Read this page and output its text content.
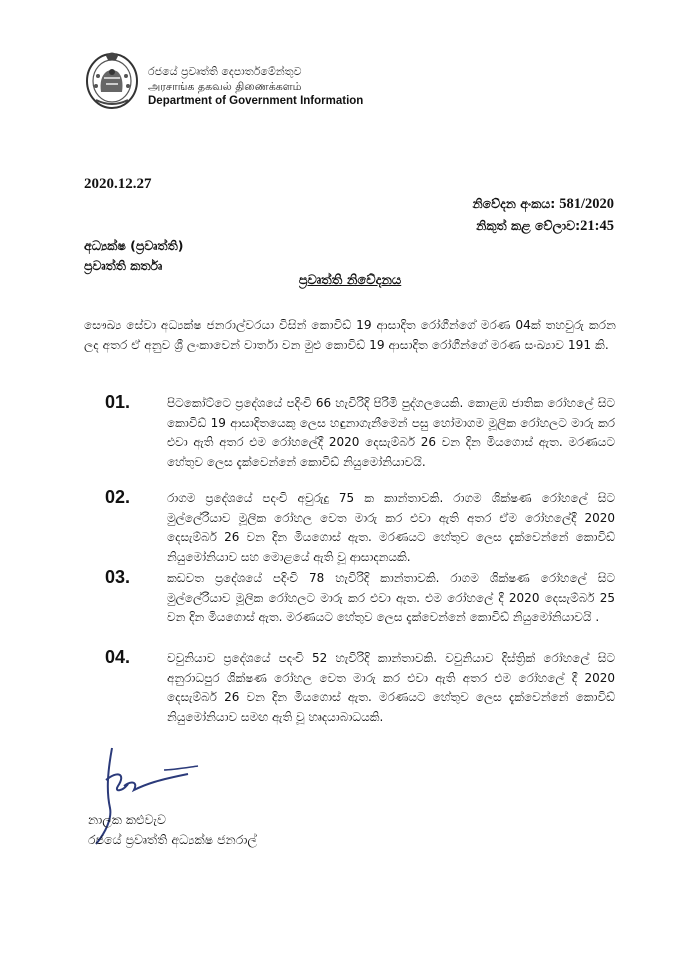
රජයේ ප්‍රවෘත්ති දෙපාර්තමේන්තුව
அரசாங்க தகவல் திணைக்களம்
Department of Government Information
2020.12.27
නිවේදන අංකය: 581/2020
නිකුත් කළ වේලාව:21:45
අධ්‍යක්ෂ (ප්‍රවෘත්ති)
ප්‍රවෘත්ති කර්තෘ
ප්‍රවෘත්ති නිවේදනය
සෞඛ්‍ය සේවා අධ්‍යක්ෂ ජනරාල්වරයා විසින් කොවිඩ් 19 ආසාදිත රෝගීන්ගේ මරණ 04ක් තහවුරු කරන ලද අතර ඒ අනුව ශ්‍රී ලංකාවෙන් වාර්තා වන මුළු කොවිඩ් 19 ආසාදිත රෝගීන්ගේ මරණ සංඛ්‍යාව 191 කි.
01.	පිටකෝට්ටෙ ප්‍රදේශයේ පදිංචි 66 හැවිරිදි පිරිමි පුද්ගලයෙකි. කොළඹ ජාතික රෝහලේ සිට කොවිඩ් 19 ආසාදිතයෙකු ලෙස හඳුනාගැනීමෙන් පසු හෝමාගම මූලික රෝහලට මාරු කර එවා ඇති අතර එම රෝහලේදී 2020 දෙසැම්බර් 26 වන දින මියගොස් ඇත. මරණයට හේතුව ලෙස දැක්වෙන්නේ කොවිඩ් නියුමෝනියාවයි.
02.	රාගම ප්‍රදේශයේ පදංචි අවුරුදු 75 ක කාන්තාවකි. රාගම ශික්ෂණ රෝහලේ සිට මුල්ලේරියාව මූලික රෝහල වෙත මාරු කර එවා ඇති අතර ඒම රෝහලේදී 2020 දෙසැම්බර් 26 වන දින මියගොස් ඇත. මරණයට හේතුව ලෙස දැක්වෙන්නේ කොවිඩ් නියුමෝනියාව සහ මොළයේ ඇති වූ ආසාදනයකි.
03.	කඩවත ප්‍රදේශයේ පදිංචි 78 හැවිරිදි කාන්තාවකි. රාගම ශික්ෂණ රෝහලේ සිට මුල්ලේරියාව මූලික රෝහලට මාරු කර එවා ඇත. එම රෝහලේ දී 2020 දෙසැම්බර් 25 වන දින මියගොස් ඇත. මරණයට හේතුව ලෙස දැක්වෙන්නේ කොවිඩ් නියුමෝනියාවයි .
04.	වවුනියාව ප්‍රදේශයේ පදංචි 52 හැවිරිදි කාන්තාවකි. වවුනියාව දිස්ත්‍රික් රෝහලේ සිට අනුරාධපුර ශික්ෂණ රෝහල වෙත මාරු කර එවා ඇති අතර එම රෝහලේ දී 2020 දෙසැම්බර් 26 වන දින මියගොස් ඇත. මරණයට හේතුව ලෙස දැක්වෙන්නේ කොවිඩ් නියුමෝනියාව සමඟ ඇති වූ හෘදයාබාධයකි.
නාලක කළුවැව
රජයේ ප්‍රවෘත්ති අධ්‍යක්ෂ ජනරාල්
